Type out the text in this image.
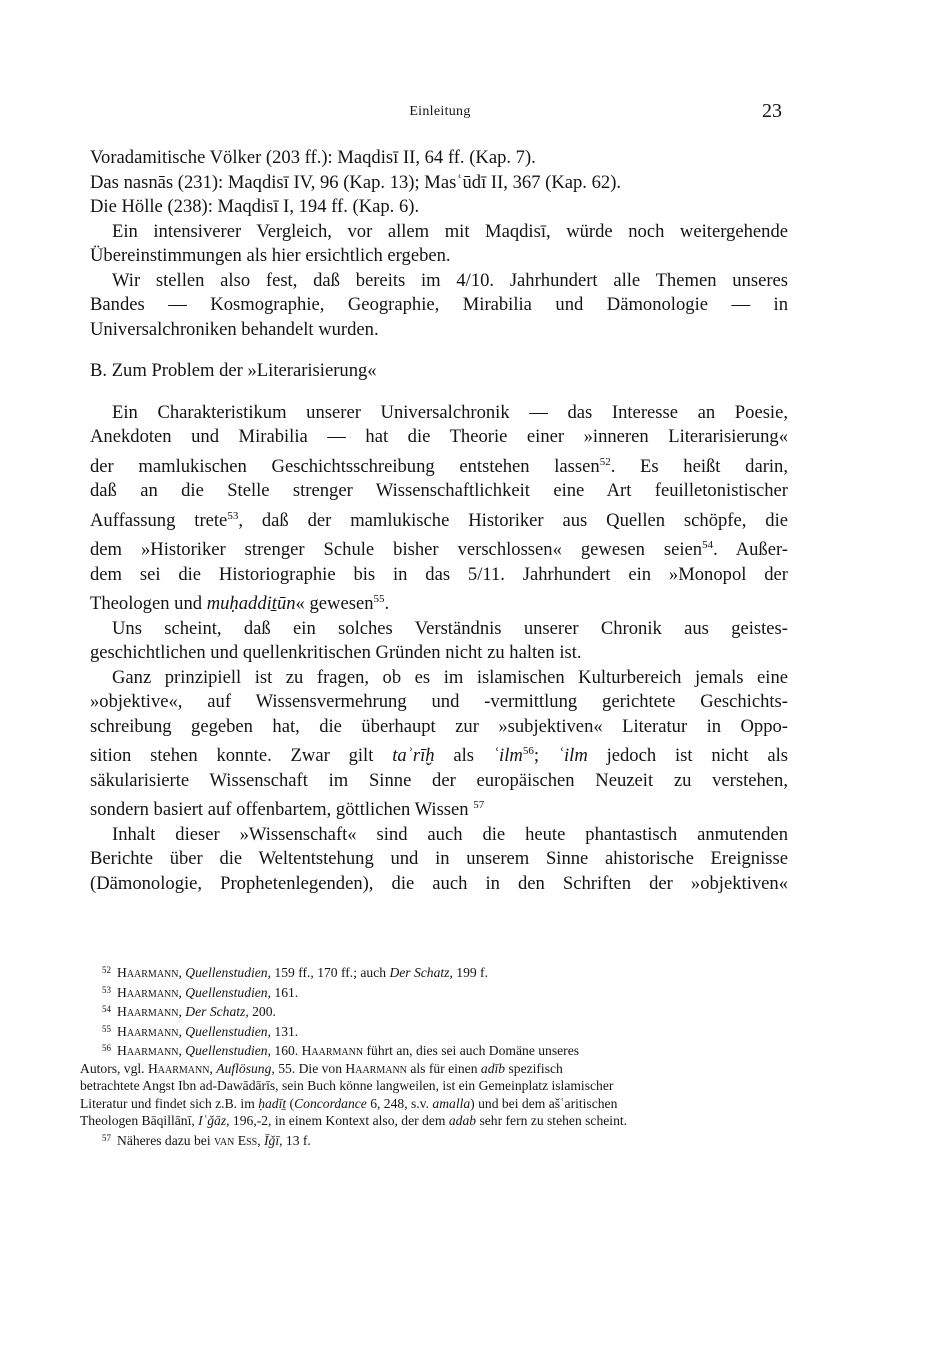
Einleitung	23
Voradamitische Völker (203 ff.): Maqdisī II, 64 ff. (Kap. 7).
Das nasnās (231): Maqdisī IV, 96 (Kap. 13); Masʿūdī II, 367 (Kap. 62).
Die Hölle (238): Maqdisī I, 194 ff. (Kap. 6).
Ein intensiverer Vergleich, vor allem mit Maqdisī, würde noch weitergehende
Übereinstimmungen als hier ersichtlich ergeben.
Wir stellen also fest, daß bereits im 4/10. Jahrhundert alle Themen unseres
Bandes — Kosmographie, Geographie, Mirabilia und Dämonologie — in
Universalchroniken behandelt wurden.
B. Zum Problem der »Literarisierung«
Ein Charakteristikum unserer Universalchronik — das Interesse an Poesie,
Anekdoten und Mirabilia — hat die Theorie einer »inneren Literarisierung«
der mamlukischen Geschichtsschreibung entstehen lassen$^{52}$. Es heißt darin,
daß an die Stelle strenger Wissenschaftlichkeit eine Art feuilletonistischer
Auffassung trete$^{53}$, daß der mamlukische Historiker aus Quellen schöpfe, die
dem »Historiker strenger Schule bisher verschlossen« gewesen seien$^{54}$. Außer-
dem sei die Historiographie bis in das 5/11. Jahrhundert ein »Monopol der
Theologen und muḥaddiṯūn« gewesen$^{55}$.
Uns scheint, daß ein solches Verständnis unserer Chronik aus geistes-
geschichtlichen und quellenkritischen Gründen nicht zu halten ist.
Ganz prinzipiell ist zu fragen, ob es im islamischen Kulturbereich jemals eine
»objektive«, auf Wissensvermehrung und -vermittlung gerichtete Geschichts-
schreibung gegeben hat, die überhaupt zur »subjektiven« Literatur in Oppo-
sition stehen konnte. Zwar gilt taʾrīḫ als ʿilm$^{56}$; ʿilm jedoch ist nicht als
säkularisierte Wissenschaft im Sinne der europäischen Neuzeit zu verstehen,
sondern basiert auf offenbartem, göttlichen Wissen $^{57}$
Inhalt dieser »Wissenschaft« sind auch die heute phantastisch anmutenden
Berichte über die Weltentstehung und in unserem Sinne ahistorische Ereignisse
(Dämonologie, Prophetenlegenden), die auch in den Schriften der »objektiven«
$^{52}$ Haarmann, Quellenstudien, 159 ff., 170 ff.; auch Der Schatz, 199 f.
$^{53}$ Haarmann, Quellenstudien, 161.
$^{54}$ Haarmann, Der Schatz, 200.
$^{55}$ Haarmann, Quellenstudien, 131.
$^{56}$ Haarmann, Quellenstudien, 160. Haarmann führt an, dies sei auch Domäne unseres
Autors, vgl. Haarmann, Auflösung, 55. Die von Haarmann als für einen adīb spezifisch
betrachtete Angst Ibn ad-Dawādārīs, sein Buch könne langweilen, ist ein Gemeinplatz islamischer
Literatur und findet sich z.B. im ḥadīṯ (Concordance 6, 248, s.v. amalla) und bei dem ašʿaritischen
Theologen Bāqillānī, Iʿǧāz, 196,-2, in einem Kontext also, der dem adab sehr fern zu stehen scheint.
$^{57}$ Näheres dazu bei van Ess, Īǧī, 13 f.
